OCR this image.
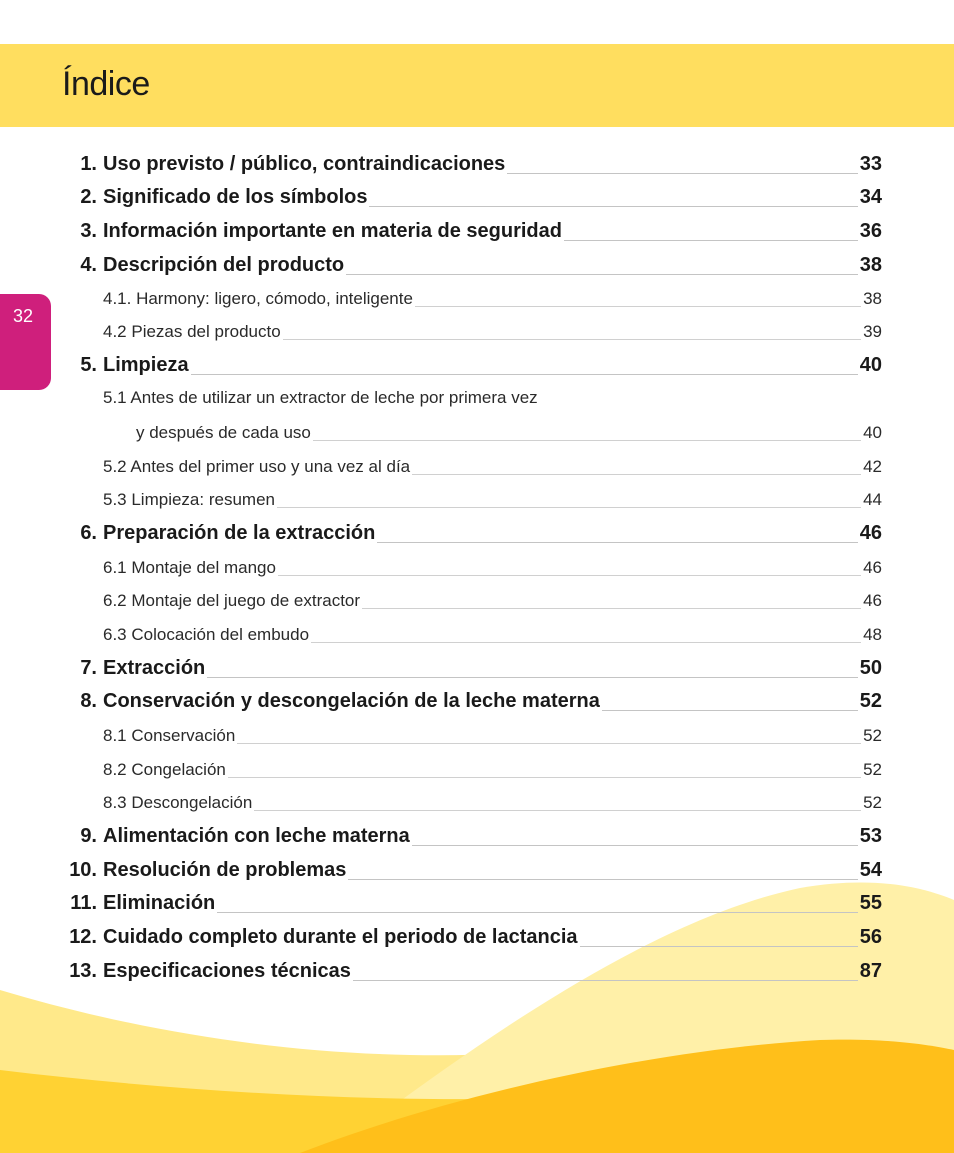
Índice
32
1. Uso previsto / público, contraindicaciones	33
2. Significado de los símbolos	34
3. Información importante en materia de seguridad	36
4. Descripción del producto	38
4.1. Harmony: ligero, cómodo, inteligente	38
4.2 Piezas del producto	39
5. Limpieza	40
5.1 Antes de utilizar un extractor de leche por primera vez
y después de cada uso	40
5.2 Antes del primer uso y una vez al día	42
5.3 Limpieza: resumen	44
6. Preparación de la extracción	46
6.1 Montaje del mango	46
6.2 Montaje del juego de extractor	46
6.3 Colocación del embudo	48
7. Extracción	50
8. Conservación y descongelación de la leche materna	52
8.1 Conservación	52
8.2 Congelación	52
8.3 Descongelación	52
9. Alimentación con leche materna	53
10. Resolución de problemas	54
11. Eliminación	55
12. Cuidado completo durante el periodo de lactancia	56
13. Especificaciones técnicas	87
